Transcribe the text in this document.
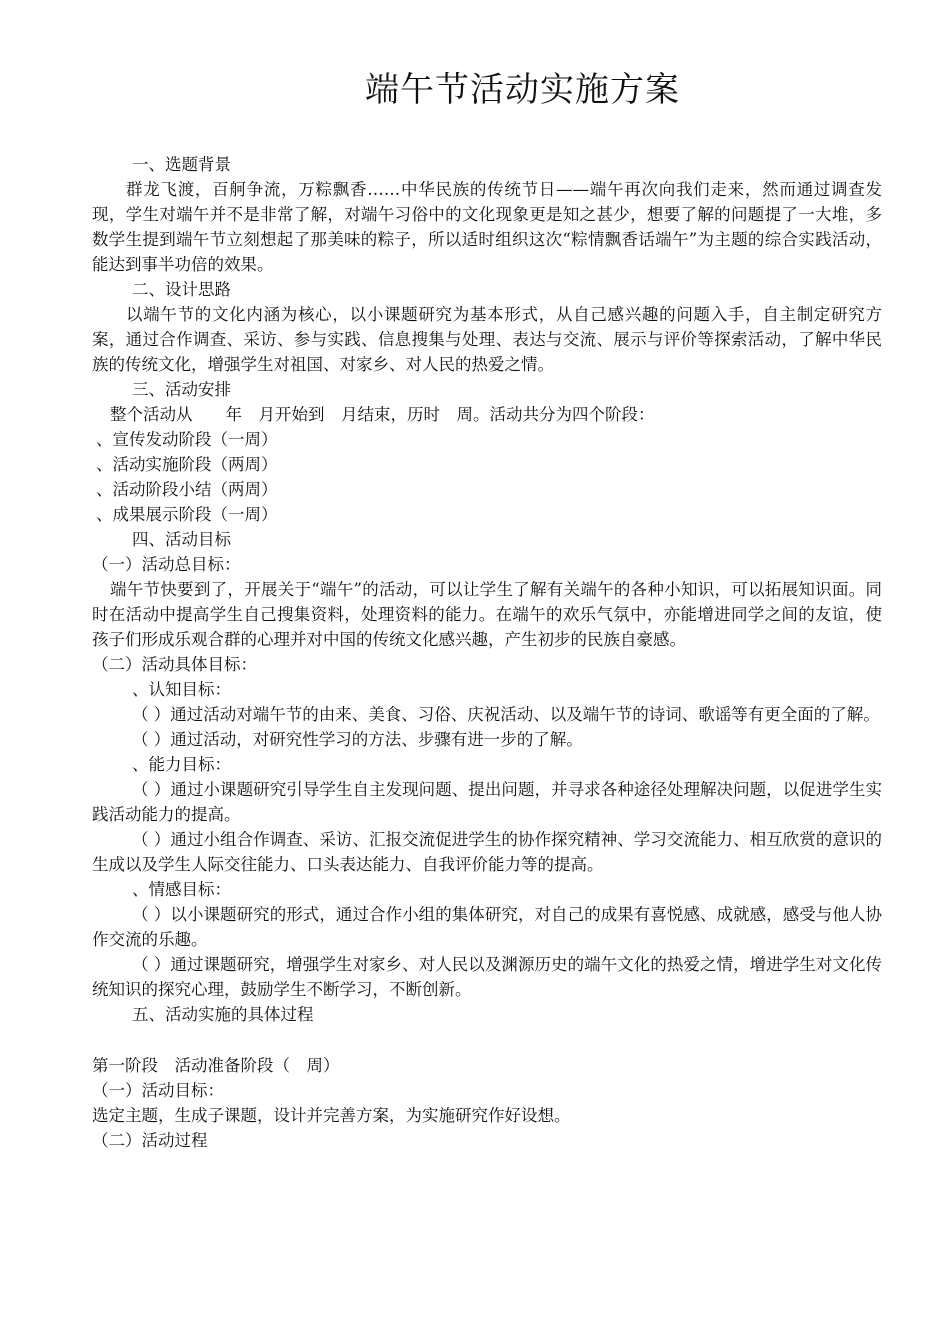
端午节活动实施方案

一、选题背景

群龙飞渡，百舸争流，万粽飘香……中华民族的传统节日——端午再次向我们走来，然而通过调查发现，学生对端午并不是非常了解，对端午习俗中的文化现象更是知之甚少，想要了解的问题提了一大堆，多数学生提到端午节立刻想起了那美味的粽子，所以适时组织这次“粽情飘香话端午”为主题的综合实践活动，能达到事半功倍的效果。

二、设计思路

以端午节的文化内涵为核心，以小课题研究为基本形式，从自己感兴趣的问题入手，自主制定研究方案，通过合作调查、采访、参与实践、信息搜集与处理、表达与交流、展示与评价等探索活动，了解中华民族的传统文化，增强学生对祖国、对家乡、对人民的热爱之情。

三、活动安排

整个活动从　　年　月开始到　月结束，历时　周。活动共分为四个阶段：

、宣传发动阶段（一周）

、活动实施阶段（两周）

、活动阶段小结（两周）

、成果展示阶段（一周）

四、活动目标

（一）活动总目标：

端午节快要到了，开展关于“端午”的活动，可以让学生了解有关端午的各种小知识，可以拓展知识面。同时在活动中提高学生自己搜集资料，处理资料的能力。在端午的欢乐气氛中，亦能增进同学之间的友谊，使孩子们形成乐观合群的心理并对中国的传统文化感兴趣，产生初步的民族自豪感。

（二）活动具体目标：

、认知目标：

（ ）通过活动对端午节的由来、美食、习俗、庆祝活动、以及端午节的诗词、歌谣等有更全面的了解。

（ ）通过活动，对研究性学习的方法、步骤有进一步的了解。

、能力目标：

（ ）通过小课题研究引导学生自主发现问题、提出问题，并寻求各种途径处理解决问题，以促进学生实践活动能力的提高。

（ ）通过小组合作调查、采访、汇报交流促进学生的协作探究精神、学习交流能力、相互欣赏的意识的生成以及学生人际交往能力、口头表达能力、自我评价能力等的提高。

、情感目标：

（ ）以小课题研究的形式，通过合作小组的集体研究，对自己的成果有喜悦感、成就感，感受与他人协作交流的乐趣。

（ ）通过课题研究，增强学生对家乡、对人民以及渊源历史的端午文化的热爱之情，增进学生对文化传统知识的探究心理，鼓励学生不断学习，不断创新。

五、活动实施的具体过程

第一阶段　活动准备阶段（　周）

（一）活动目标：

选定主题，生成子课题，设计并完善方案，为实施研究作好设想。

（二）活动过程
